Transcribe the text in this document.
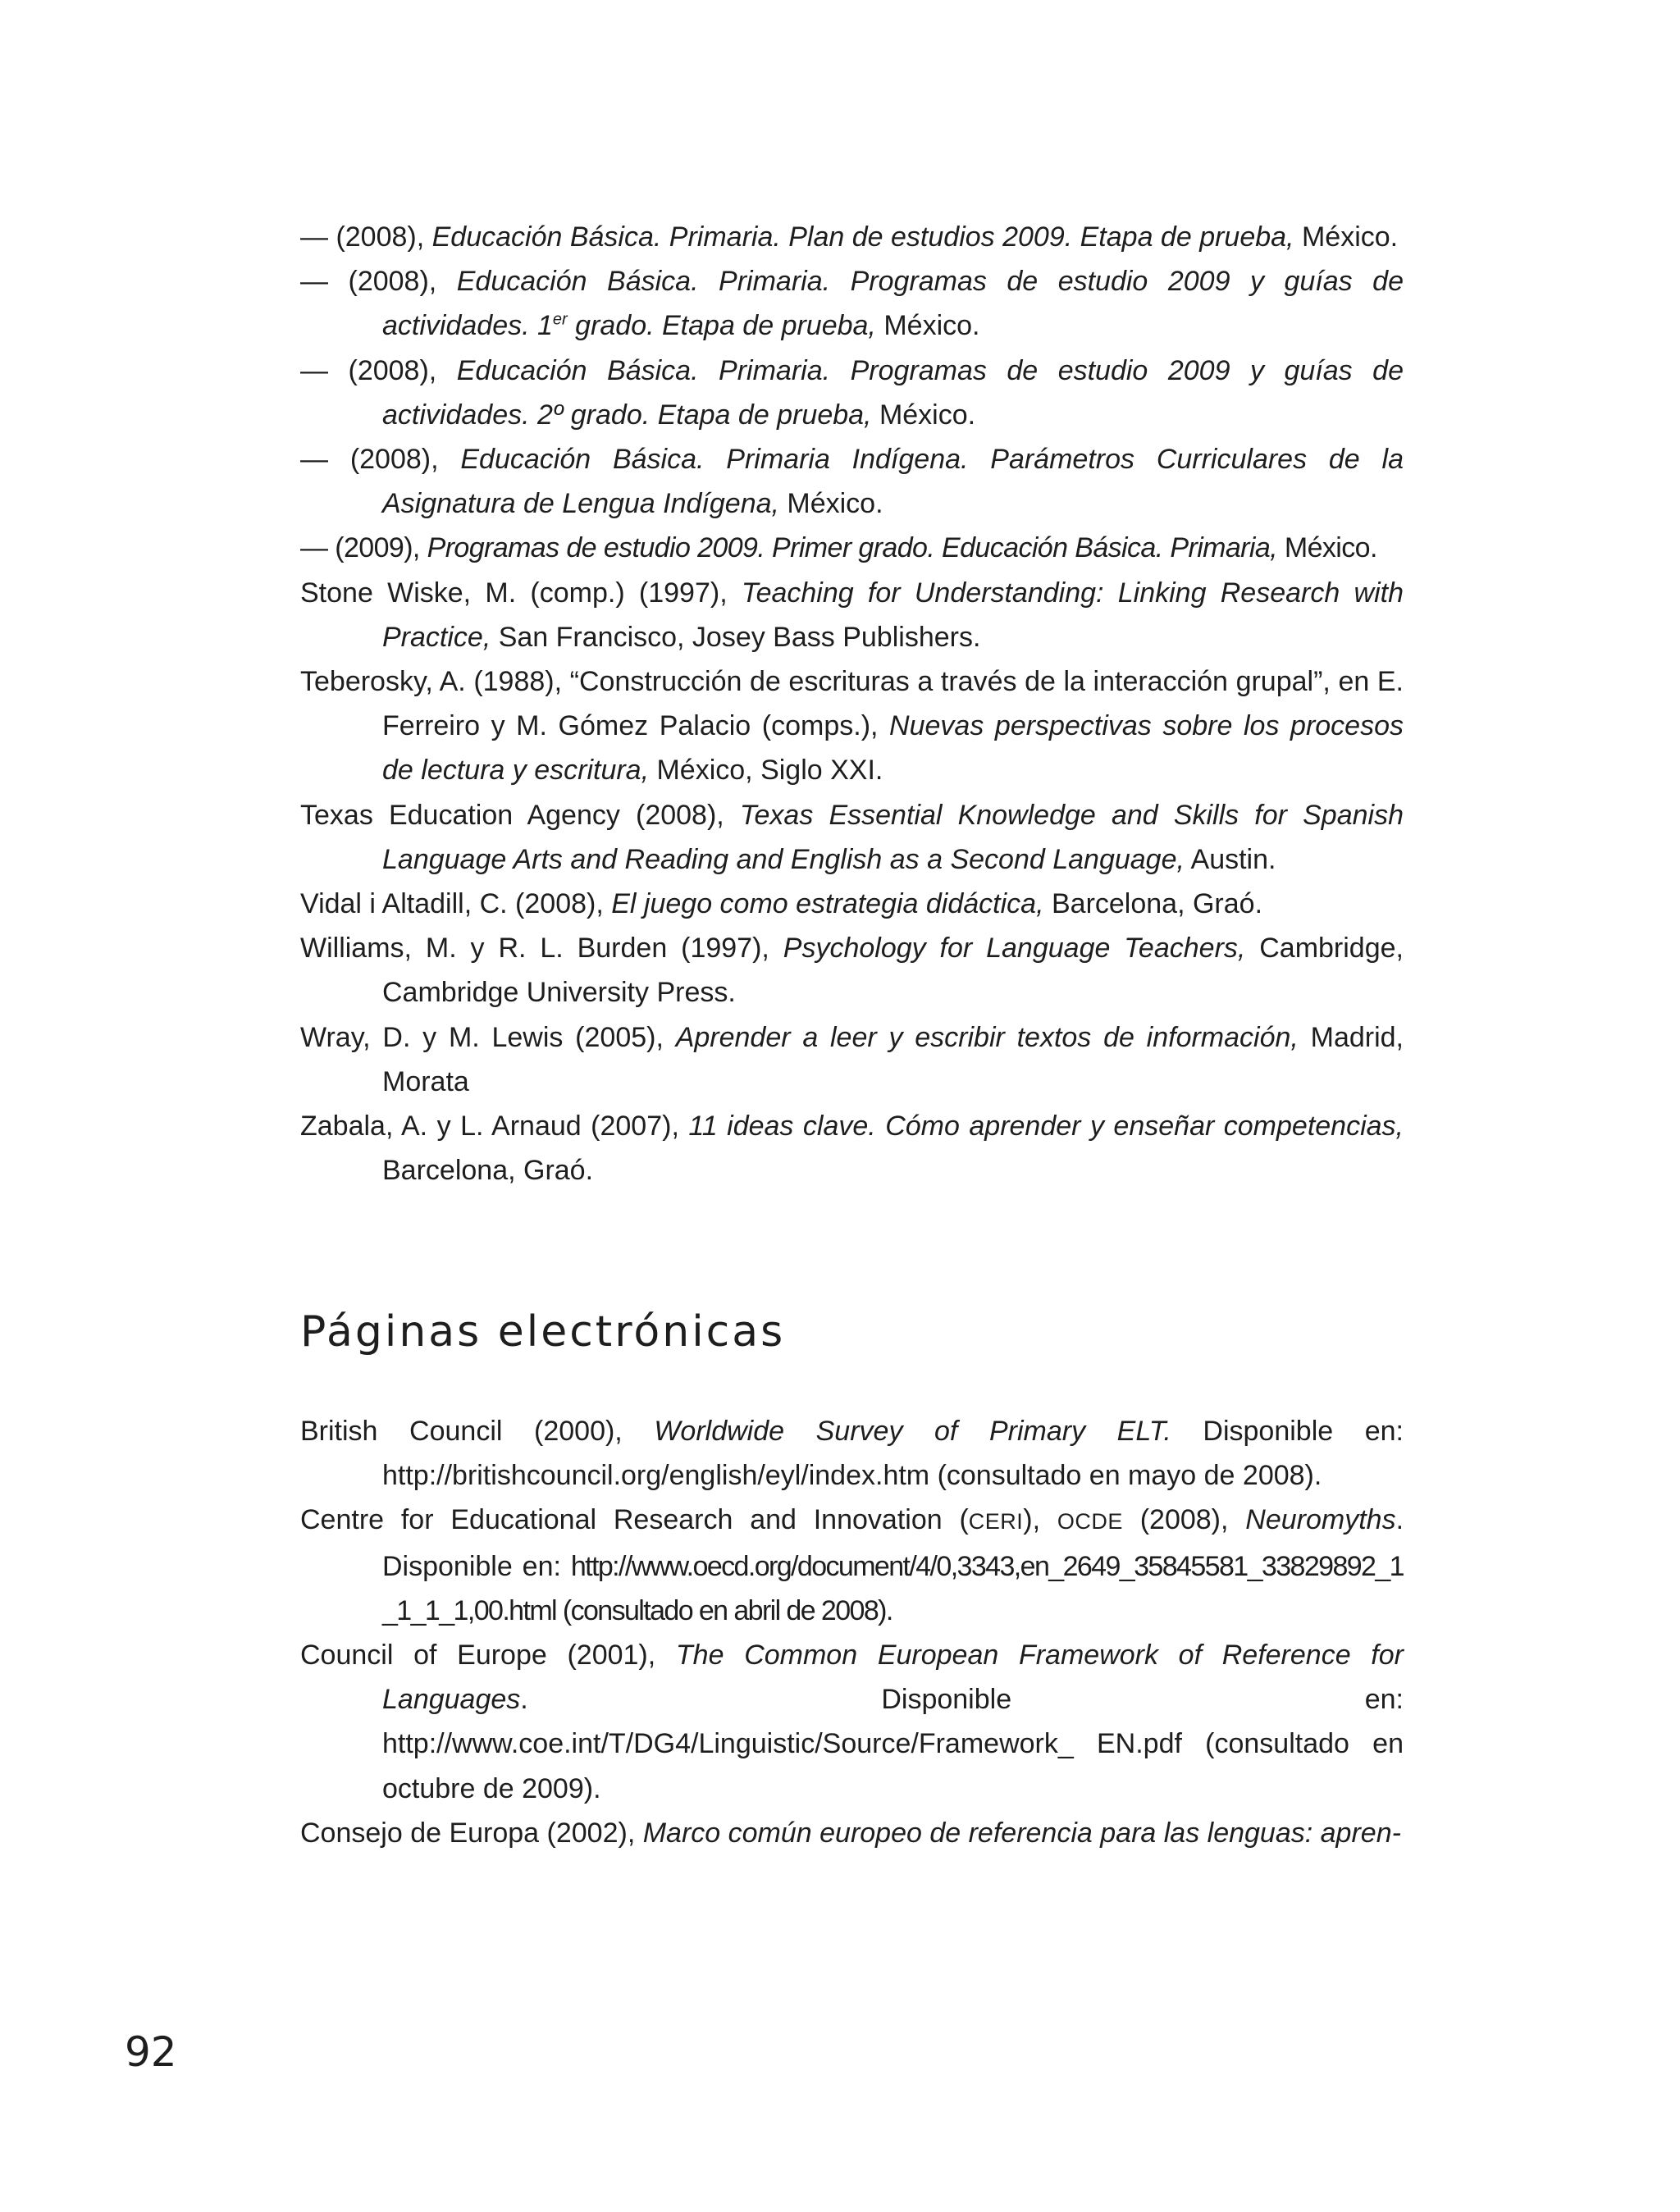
— (2008), Educación Básica. Primaria. Plan de estudios 2009. Etapa de prueba, México.

— (2008), Educación Básica. Primaria. Programas de estudio 2009 y guías de actividades. 1er grado. Etapa de prueba, México.

— (2008), Educación Básica. Primaria. Programas de estudio 2009 y guías de actividades. 2º grado. Etapa de prueba, México.

— (2008), Educación Básica. Primaria Indígena. Parámetros Curriculares de la Asignatura de Lengua Indígena, México.

— (2009), Programas de estudio 2009. Primer grado. Educación Básica. Primaria, México.

Stone Wiske, M. (comp.) (1997), Teaching for Understanding: Linking Research with Practice, San Francisco, Josey Bass Publishers.

Teberosky, A. (1988), “Construcción de escrituras a través de la interacción grupal”, en E. Ferreiro y M. Gómez Palacio (comps.), Nuevas perspectivas sobre los procesos de lectura y escritura, México, Siglo XXI.

Texas Education Agency (2008), Texas Essential Knowledge and Skills for Spanish Language Arts and Reading and English as a Second Language, Austin.

Vidal i Altadill, C. (2008), El juego como estrategia didáctica, Barcelona, Graó.

Williams, M. y R. L. Burden (1997), Psychology for Language Teachers, Cambridge, Cambridge University Press.

Wray, D. y M. Lewis (2005), Aprender a leer y escribir textos de información, Madrid, Morata

Zabala, A. y L. Arnaud (2007), 11 ideas clave. Cómo aprender y enseñar competencias, Barcelona, Graó.

Páginas electrónicas

British Council (2000), Worldwide Survey of Primary ELT. Disponible en: http://britishcouncil.org/english/eyl/index.htm (consultado en mayo de 2008).

Centre for Educational Research and Innovation (CERI), OCDE (2008), Neuromyths. Disponible en: http://www.oecd.org/document/4/0,3343,en_2649_35845581_33829892_1 _1_1_1,00.html (consultado en abril de 2008).

Council of Europe (2001), The Common European Framework of Reference for Languages. Disponible en: http://www.coe.int/T/DG4/Linguistic/Source/Framework_ EN.pdf (consultado en octubre de 2009).

Consejo de Europa (2002), Marco común europeo de referencia para las lenguas: apren-

92
